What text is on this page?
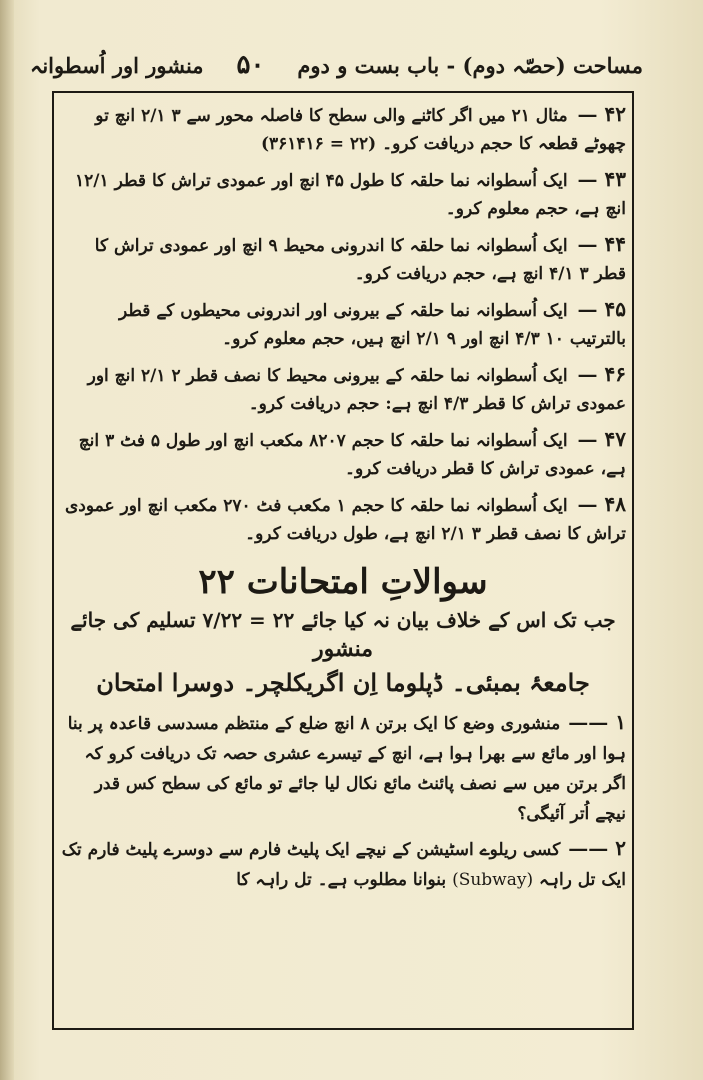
مساحت (حصّہ دوم) - باب بست و دوم
۵۰
منشور اور اُسطوانہ
۴۲ —مثال ۲۱ میں اگر کاٹنے والی سطح کا فاصلہ محور سے ۳ ۲/۱ انچ تو چھوٹے قطعہ کا حجم دریافت کرو۔ (۲۲ = ۳۶۱۴۱۶)
۴۳ —ایک اُسطوانہ نما حلقہ کا طول ۴۵ انچ اور عمودی تراش کا قطر ۱۲/۱ انچ ہے، حجم معلوم کرو۔
۴۴ —ایک اُسطوانہ نما حلقہ کا اندرونی محیط ۹ انچ اور عمودی تراش کا قطر ۳ ۴/۱ انچ ہے، حجم دریافت کرو۔
۴۵ —ایک اُسطوانہ نما حلقہ کے بیرونی اور اندرونی محیطوں کے قطر بالترتیب ۱۰ ۴/۳ انچ اور ۹ ۲/۱ انچ ہیں، حجم معلوم کرو۔
۴۶ —ایک اُسطوانہ نما حلقہ کے بیرونی محیط کا نصف قطر ۲ ۲/۱ انچ اور عمودی تراش کا قطر ۴/۳ انچ ہے: حجم دریافت کرو۔
۴۷ —ایک اُسطوانہ نما حلقہ کا حجم ۸۲۰۷ مکعب انچ اور طول ۵ فٹ ۳ انچ ہے، عمودی تراش کا قطر دریافت کرو۔
۴۸ —ایک اُسطوانہ نما حلقہ کا حجم ۱ مکعب فٹ ۲۷۰ مکعب انچ اور عمودی تراش کا نصف قطر ۳ ۲/۱ انچ ہے، طول دریافت کرو۔
سوالاتِ امتحانات ۲۲
جب تک اس کے خلاف بیان نہ کیا جائے ۲۲ = ۷/۲۲ تسلیم کی جائے
منشور
جامعۂ بمبئی۔ ڈپلوما اِن اگریکلچر۔ دوسرا امتحان
۱ ——منشوری وضع کا ایک برتن ۸ انچ ضلع کے منتظم مسدسی قاعدہ پر بنا ہوا اور مائع سے بھرا ہوا ہے، انچ کے تیسرے عشری حصہ تک دریافت کرو کہ اگر برتن میں سے نصف پائنٹ مائع نکال لیا جائے تو مائع کی سطح کس قدر نیچے اُتر آئیگی؟
۲ ——کسی ریلوے اسٹیشن کے نیچے ایک پلیٹ فارم سے دوسرے پلیٹ فارم تک ایک تل راہہ (Subway) بنوانا مطلوب ہے۔ تل راہہ کا
